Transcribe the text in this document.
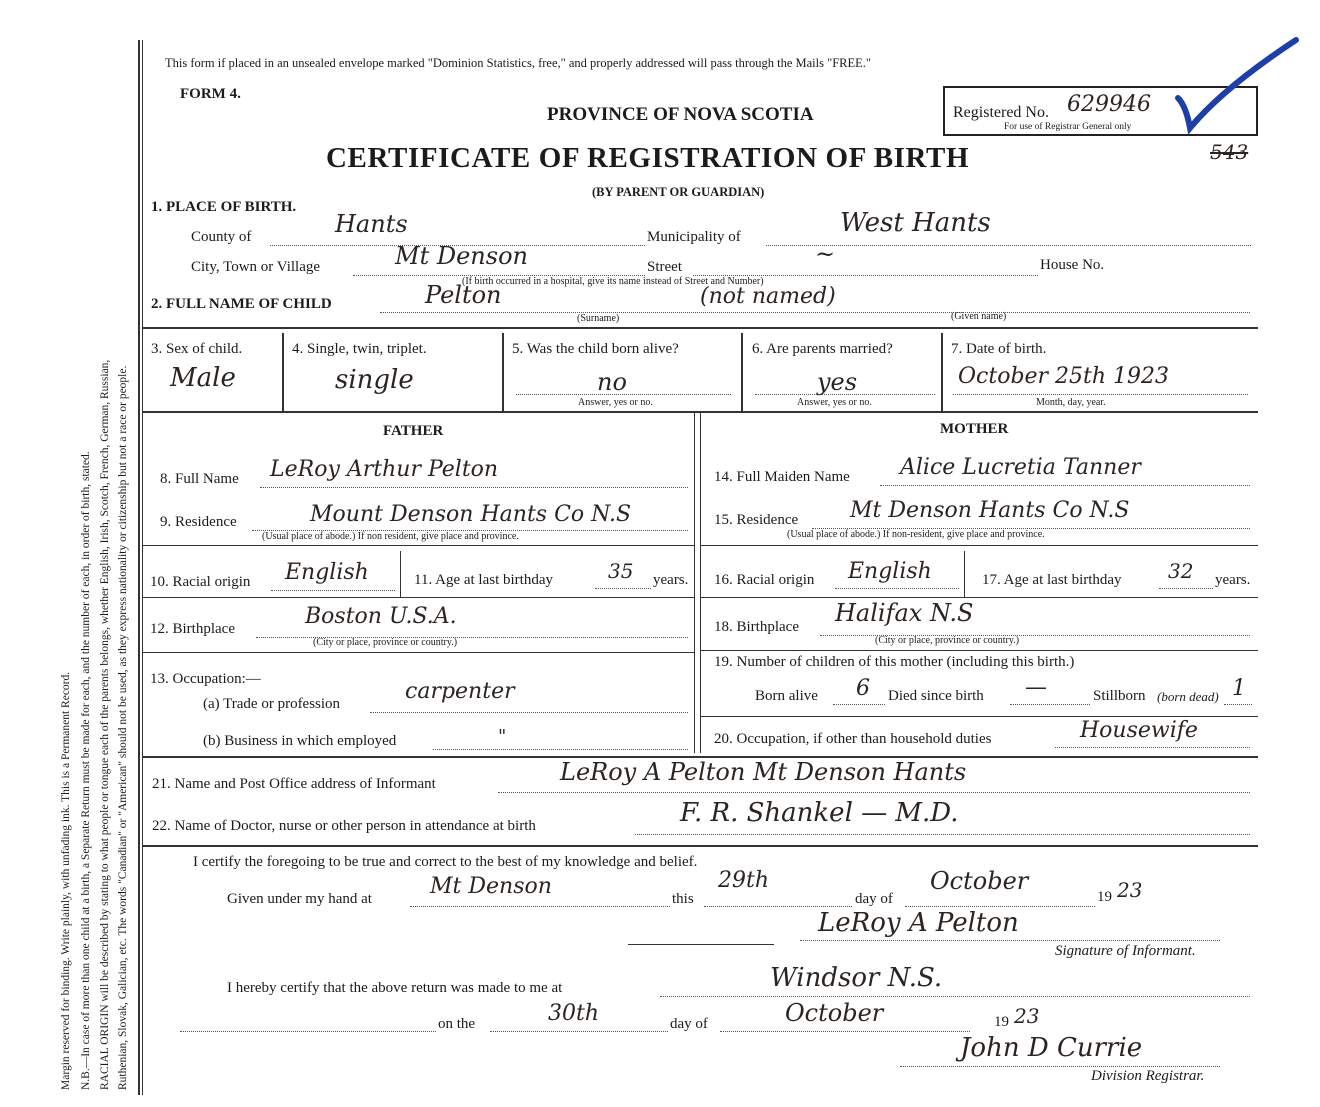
Margin reserved for binding. Write plainly, with unfading ink. This is a Permanent Record. N.B.—In case of more than one child at a birth, a Separate Return must be made for each, and the number of each, in order of birth, stated. RACIAL ORIGIN will be described by stating to what people or tongue each of the parents belongs, whether English, Irish, Scotch, French, German, Russian, Ruthenian, Slovak, Galician, etc. The words "Canadian" or "American" should not be used, as they express nationality or citizenship but not a race or people.
This form if placed in an unsealed envelope marked "Dominion Statistics, free," and properly addressed will pass through the Mails "FREE."
FORM 4.
PROVINCE OF NOVA SCOTIA
CERTIFICATE OF REGISTRATION OF BIRTH
(BY PARENT OR GUARDIAN)
Registered No. 629946
For use of Registrar General only
543
1. PLACE OF BIRTH.
County of	Hants	Municipality of	West Hants
City, Town or Village	Mt Denson	Street	~	House No.
(If birth occurred in a hospital, give its name instead of Street and Number)
2. FULL NAME OF CHILD	Pelton	(not named)
(Surname)	(Given name)
3. Sex of child.
Male
4. Single, twin, triplet.
single
5. Was the child born alive?
no
Answer, yes or no.
6. Are parents married?
yes
Answer, yes or no.
7. Date of birth.
October 25th 1923
Month, day, year.
FATHER
8. Full Name LeRoy Arthur Pelton
9. Residence	Mount Denson Hants Co N.S
(Usual place of abode.) If non resident, give place and province.
10. Racial origin English	11. Age at last birthday	35 years.
12. Birthplace	Boston U.S.A.
(City or place, province or country.)
13. Occupation:—
(a) Trade or profession	carpenter
(b) Business in which employed	"
MOTHER
14. Full Maiden Name Alice Lucretia Tanner
15. Residence Mt Denson Hants Co N.S
(Usual place of abode.) If non-resident, give place and province.
16. Racial origin English	17. Age at last birthday 32 years.
18. Birthplace Halifax N.S
(City or place, province or country.)
19. Number of children of this mother (including this birth.)
Born alive 6 Died since birth —	Stillborn (born dead) 1
20. Occupation, if other than household duties	Housewife
21. Name and Post Office address of Informant	LeRoy A Pelton Mt Denson Hants
22. Name of Doctor, nurse or other person in attendance at birth	F. R. Shankel — M.D.
I certify the foregoing to be true and correct to the best of my knowledge and belief.
Given under my hand at	Mt Denson	this
29th
day of
October
19 23
LeRoy A Pelton
Signature of Informant.
I hereby certify that the above return was made to me at	Windsor N.S.
on the	30th	day of	October	19 23
John D Currie
Division Registrar.
